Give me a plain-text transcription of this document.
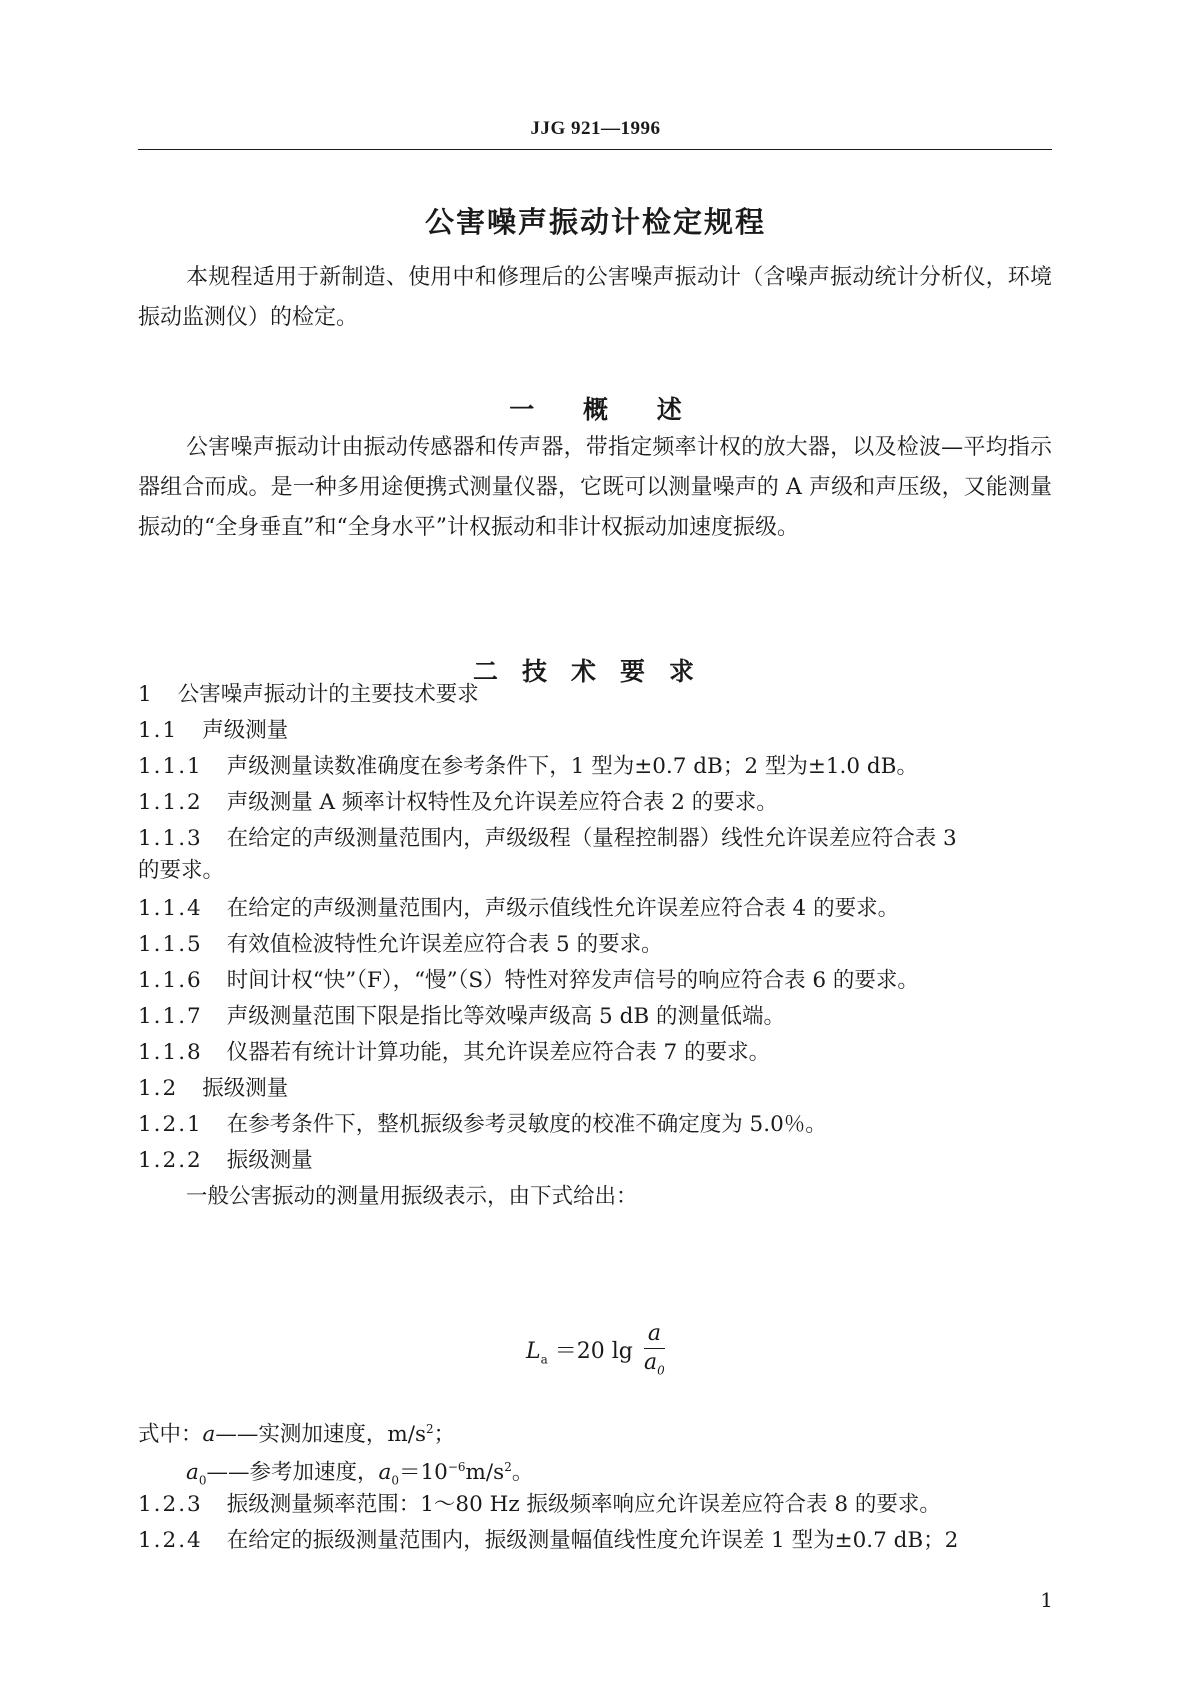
JJG 921—1996
公害噪声振动计检定规程

本规程适用于新制造、使用中和修理后的公害噪声振动计（含噪声振动统计分析仪，环境振动监测仪）的检定。

一 概 述

公害噪声振动计由振动传感器和传声器，带指定频率计权的放大器，以及检波—平均指示器组合而成。是一种多用途便携式测量仪器，它既可以测量噪声的 A 声级和声压级，又能测量振动的“全身垂直”和“全身水平”计权振动和非计权振动加速度振级。

二技术要求
1 公害噪声振动计的主要技术要求
1.1 声级测量
1.1.1 声级测量读数准确度在参考条件下，1 型为±0.7 dB；2 型为±1.0 dB。
1.1.2 声级测量 A 频率计权特性及允许误差应符合表 2 的要求。
1.1.3 在给定的声级测量范围内，声级级程（量程控制器）线性允许误差应符合表 3
的要求。
1.1.4 在给定的声级测量范围内，声级示值线性允许误差应符合表 4 的要求。
1.1.5 有效值检波特性允许误差应符合表 5 的要求。
1.1.6 时间计权“快”（F），“慢”（S）特性对猝发声信号的响应符合表 6 的要求。
1.1.7 声级测量范围下限是指比等效噪声级高 5 dB 的测量低端。
1.1.8 仪器若有统计计算功能，其允许误差应符合表 7 的要求。
1.2 振级测量
1.2.1 在参考条件下，整机振级参考灵敏度的校准不确定度为 5.0％。
1.2.2 振级测量
一般公害振动的测量用振级表示，由下式给出：
$L_a =20$ $\lg \frac{a}{a_0}$
式中：a——实测加速度，$m/s^2$；
$a_0——$参考加速度，$a_0=10^{-6}m/s^2$。
1.2.3 振级测量频率范围：1～80 Hz 振级频率响应允许误差应符合表 8 的要求。
1.2.4 在给定的振级测量范围内，振级测量幅值线性度允许误差 1 型为±0.7 dB；2
1
